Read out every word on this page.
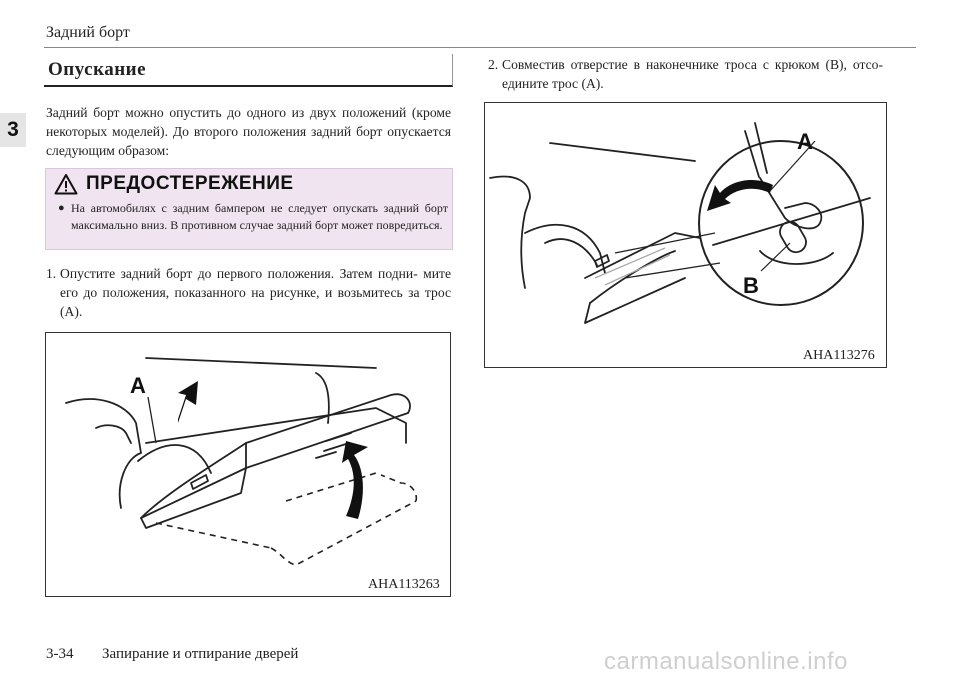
Задний борт
3
Опускание

Задний борт можно опустить до одного из двух положений (кроме некоторых моделей). До второго положения задний борт опускается следующим образом:

ПРЕДОСТЕРЕЖЕНИЕ
● На автомобилях с задним бампером не следует опускать задний борт максимально вниз. В противном случае задний борт может повредиться.
1. Опустите задний борт до первого положения. Затем подни- мите его до положения, показанного на рисунке, и возьмитесь за трос (A).
2. Совместив отверстие в наконечнике троса с крюком (B), отсо- едините трос (A).
A
AHA113263
A
B
AHA113276
3-34 Запирание и отпирание дверей	carmanualsonline.info
